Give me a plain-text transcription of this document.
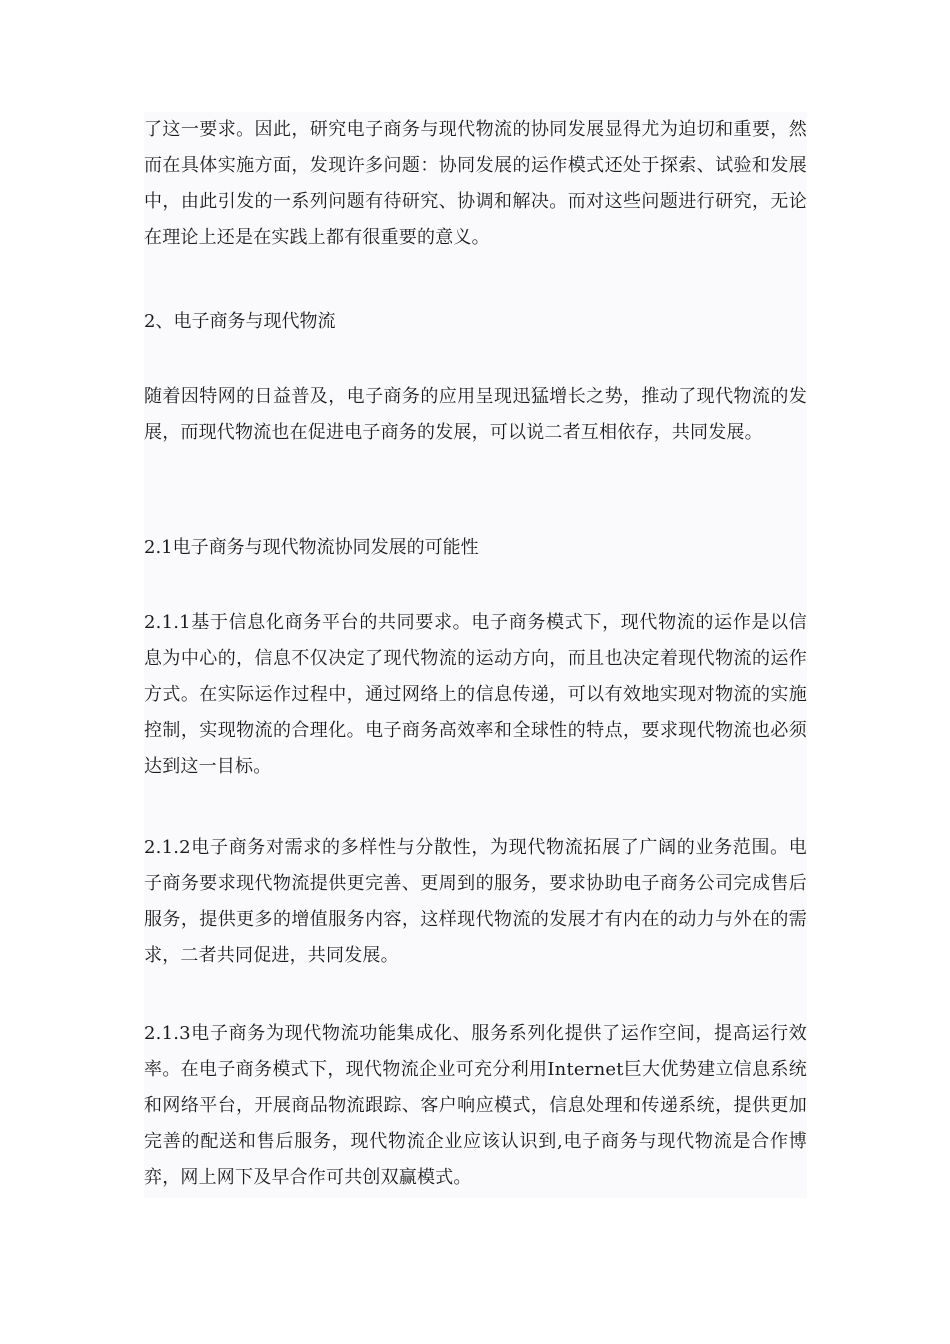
了这一要求。因此，研究电子商务与现代物流的协同发展显得尤为迫切和重要，然而在具体实施方面，发现许多问题：协同发展的运作模式还处于探索、试验和发展中，由此引发的一系列问题有待研究、协调和解决。而对这些问题进行研究，无论在理论上还是在实践上都有很重要的意义。

2、电子商务与现代物流

随着因特网的日益普及，电子商务的应用呈现迅猛增长之势，推动了现代物流的发展，而现代物流也在促进电子商务的发展，可以说二者互相依存，共同发展。

2.1电子商务与现代物流协同发展的可能性

2.1.1基于信息化商务平台的共同要求。电子商务模式下，现代物流的运作是以信息为中心的，信息不仅决定了现代物流的运动方向，而且也决定着现代物流的运作方式。在实际运作过程中，通过网络上的信息传递，可以有效地实现对物流的实施控制，实现物流的合理化。电子商务高效率和全球性的特点，要求现代物流也必须达到这一目标。

2.1.2电子商务对需求的多样性与分散性，为现代物流拓展了广阔的业务范围。电子商务要求现代物流提供更完善、更周到的服务，要求协助电子商务公司完成售后服务，提供更多的增值服务内容，这样现代物流的发展才有内在的动力与外在的需求，二者共同促进，共同发展。

2.1.3电子商务为现代物流功能集成化、服务系列化提供了运作空间，提高运行效率。在电子商务模式下，现代物流企业可充分利用Internet巨大优势建立信息系统和网络平台，开展商品物流跟踪、客户响应模式，信息处理和传递系统，提供更加完善的配送和售后服务，现代物流企业应该认识到,电子商务与现代物流是合作博弈，网上网下及早合作可共创双赢模式。
